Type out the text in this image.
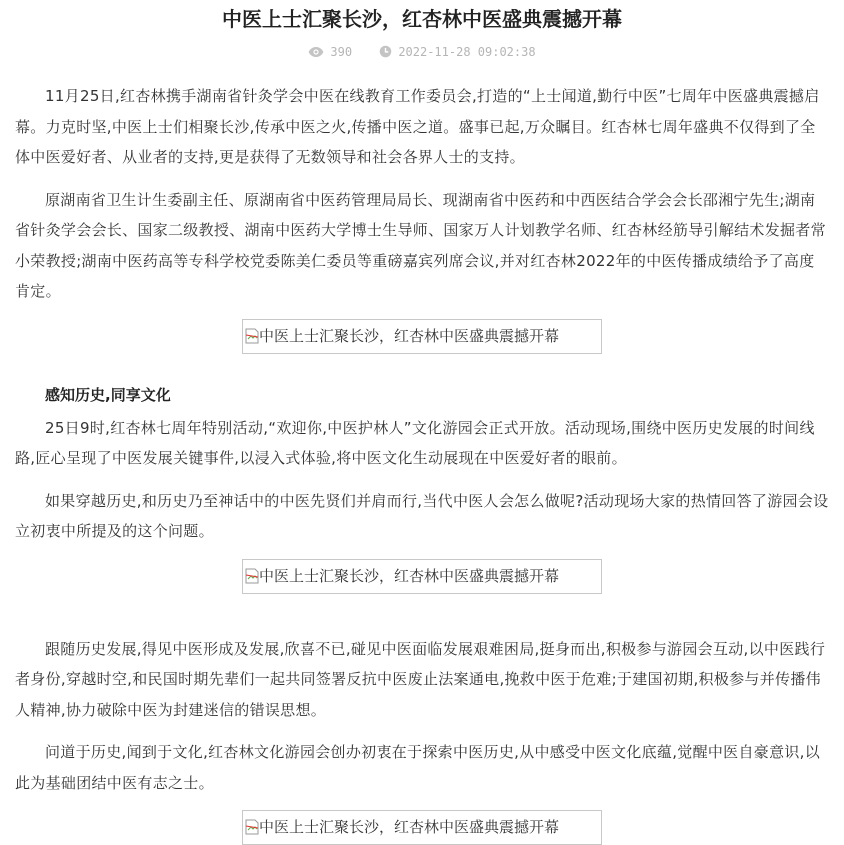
中医上士汇聚长沙，红杏林中医盛典震撼开幕
390	2022-11-28 09:02:38

11月25日,红杏林携手湖南省针灸学会中医在线教育工作委员会,打造的“上士闻道,勤行中医”七周年中医盛典震撼启幕。力克时坚,中医上士们相聚长沙,传承中医之火,传播中医之道。盛事已起,万众瞩目。红杏林七周年盛典不仅得到了全体中医爱好者、从业者的支持,更是获得了无数领导和社会各界人士的支持。

原湖南省卫生计生委副主任、原湖南省中医药管理局局长、现湖南省中医药和中西医结合学会会长邵湘宁先生;湖南省针灸学会会长、国家二级教授、湖南中医药大学博士生导师、国家万人计划教学名师、红杏林经筋导引解结术发掘者常小荣教授;湖南中医药高等专科学校党委陈美仁委员等重磅嘉宾列席会议,并对红杏林2022年的中医传播成绩给予了高度肯定。

中医上士汇聚长沙，红杏林中医盛典震撼开幕
感知历史,同享文化

25日9时,红杏林七周年特别活动,“欢迎你,中医护林人”文化游园会正式开放。活动现场,围绕中医历史发展的时间线路,匠心呈现了中医发展关键事件,以浸入式体验,将中医文化生动展现在中医爱好者的眼前。

如果穿越历史,和历史乃至神话中的中医先贤们并肩而行,当代中医人会怎么做呢?活动现场大家的热情回答了游园会设立初衷中所提及的这个问题。

中医上士汇聚长沙，红杏林中医盛典震撼开幕

跟随历史发展,得见中医形成及发展,欣喜不已,碰见中医面临发展艰难困局,挺身而出,积极参与游园会互动,以中医践行者身份,穿越时空,和民国时期先辈们一起共同签署反抗中医废止法案通电,挽救中医于危难;于建国初期,积极参与并传播伟人精神,协力破除中医为封建迷信的错误思想。

问道于历史,闻到于文化,红杏林文化游园会创办初衷在于探索中医历史,从中感受中医文化底蕴,觉醒中医自豪意识,以此为基础团结中医有志之士。

中医上士汇聚长沙，红杏林中医盛典震撼开幕
